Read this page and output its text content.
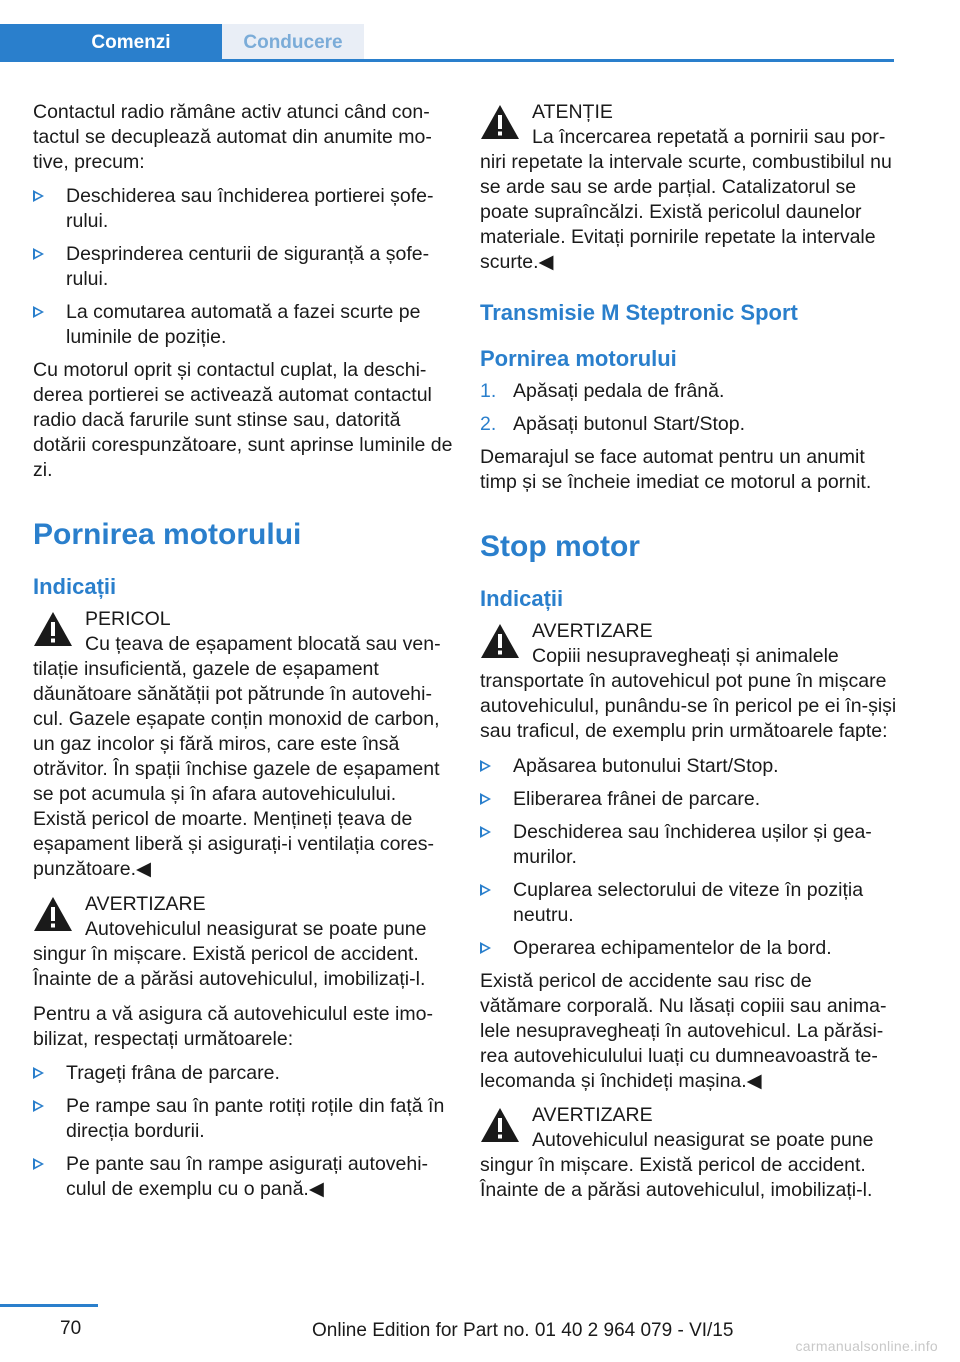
Comenzi	Conducere

Contactul radio rămâne activ atunci când con-tactul se decuplează automat din anumite mo-tive, precum:

Deschiderea sau închiderea portierei șofe-rului.
Desprinderea centurii de siguranță a șofe-rului.
La comutarea automată a fazei scurte pe luminile de poziție.

Cu motorul oprit și contactul cuplat, la deschi-derea portierei se activează automat contactul radio dacă farurile sunt stinse sau, datorită dotării corespunzătoare, sunt aprinse luminile de zi.

Pornirea motorului
Indicații
PERICOL
Cu țeava de eșapament blocată sau ven-
tilație insuficientă, gazele de eșapament dăunătoare sănătății pot pătrunde în autovehi-cul. Gazele eșapate conțin monoxid de carbon, un gaz incolor și fără miros, care este însă otrăvitor. În spații închise gazele de eșapament se pot acumula și în afara autovehiculului. Există pericol de moarte. Mențineți țeava de eșapament liberă și asigurați-i ventilația cores-punzătoare.◀
AVERTIZARE
Autovehiculul neasigurat se poate pune
singur în mișcare. Există pericol de accident. Înainte de a părăsi autovehiculul, imobilizați-l.

Pentru a vă asigura că autovehiculul este imo-bilizat, respectați următoarele:

Trageți frâna de parcare.
Pe rampe sau în pante rotiți roțile din față în direcția bordurii.
Pe pante sau în rampe asigurați autovehi-culul de exemplu cu o pană.◀
ATENȚIE
La încercarea repetată a pornirii sau por-
niri repetate la intervale scurte, combustibilul nu se arde sau se arde parțial. Catalizatorul se poate supraîncălzi. Există pericolul daunelor materiale. Evitați pornirile repetate la intervale scurte.◀
Transmisie M Steptronic Sport
Pornirea motorului
1. Apăsați pedala de frână.
2. Apăsați butonul Start/Stop.

Demarajul se face automat pentru un anumit timp și se încheie imediat ce motorul a pornit.

Stop motor
Indicații
AVERTIZARE
Copiii nesupravegheați și animalele
transportate în autovehicul pot pune în mișcare autovehiculul, punându-se în pericol pe ei în-șiși sau traficul, de exemplu prin următoarele fapte:
Apăsarea butonului Start/Stop.
Eliberarea frânei de parcare.
Deschiderea sau închiderea ușilor și gea-murilor.
Cuplarea selectorului de viteze în poziția neutru.
Operarea echipamentelor de la bord.

Există pericol de accidente sau risc de vătămare corporală. Nu lăsați copiii sau anima-lele nesupravegheați în autovehicul. La părăsi-rea autovehiculului luați cu dumneavoastră te-lecomanda și închideți mașina.◀

AVERTIZARE
Autovehiculul neasigurat se poate pune
singur în mișcare. Există pericol de accident. Înainte de a părăsi autovehiculul, imobilizați-l.
70	Online Edition for Part no. 01 40 2 964 079 - VI/15
carmanualsonline.info
